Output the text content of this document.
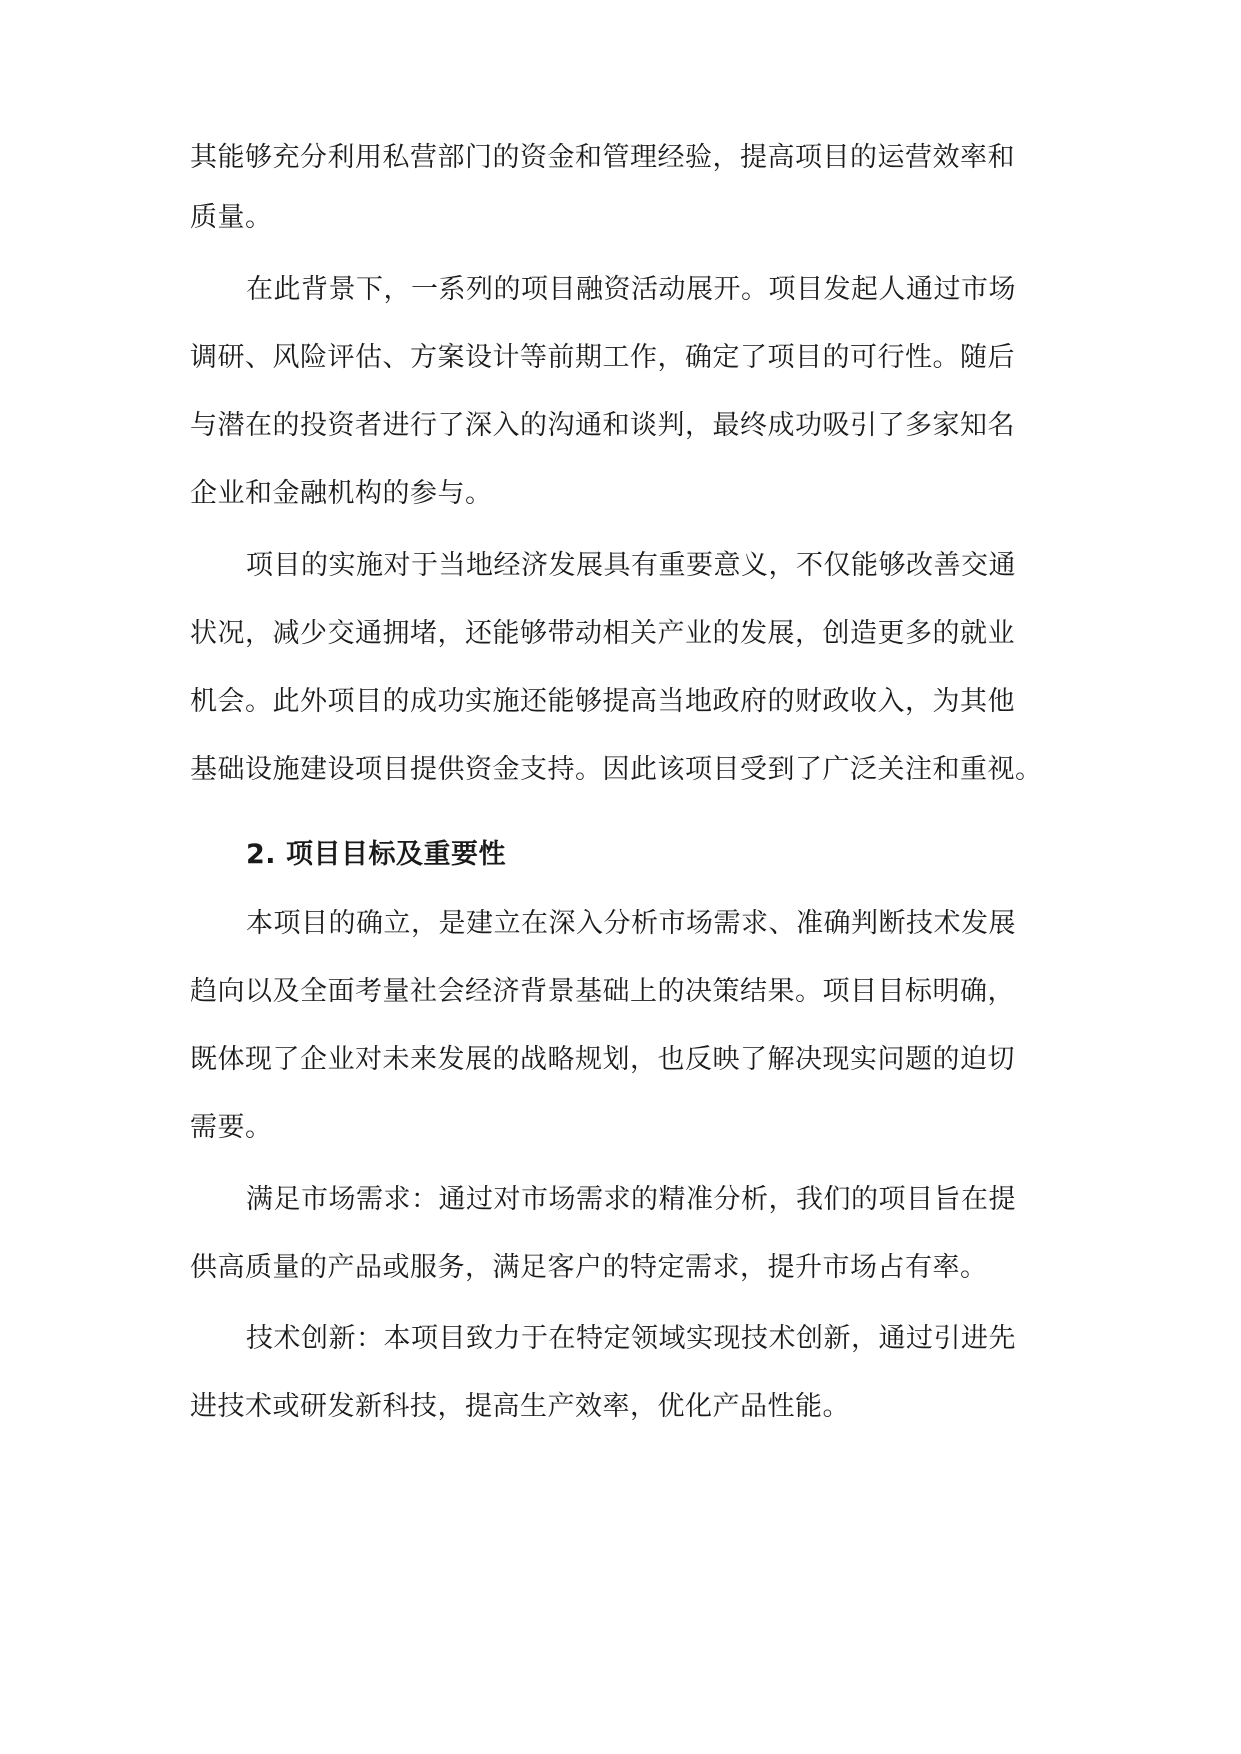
其能够充分利用私营部门的资金和管理经验，提高项目的运营效率和
质量。
在此背景下，一系列的项目融资活动展开。项目发起人通过市场
调研、风险评估、方案设计等前期工作，确定了项目的可行性。随后
与潜在的投资者进行了深入的沟通和谈判，最终成功吸引了多家知名
企业和金融机构的参与。
项目的实施对于当地经济发展具有重要意义，不仅能够改善交通
状况，减少交通拥堵，还能够带动相关产业的发展，创造更多的就业
机会。此外项目的成功实施还能够提高当地政府的财政收入，为其他
基础设施建设项目提供资金支持。因此该项目受到了广泛关注和重视。
2. 项目目标及重要性
本项目的确立，是建立在深入分析市场需求、准确判断技术发展
趋向以及全面考量社会经济背景基础上的决策结果。项目目标明确，
既体现了企业对未来发展的战略规划，也反映了解决现实问题的迫切
需要。
满足市场需求：通过对市场需求的精准分析，我们的项目旨在提
供高质量的产品或服务，满足客户的特定需求，提升市场占有率。
技术创新：本项目致力于在特定领域实现技术创新，通过引进先
进技术或研发新科技，提高生产效率，优化产品性能。
